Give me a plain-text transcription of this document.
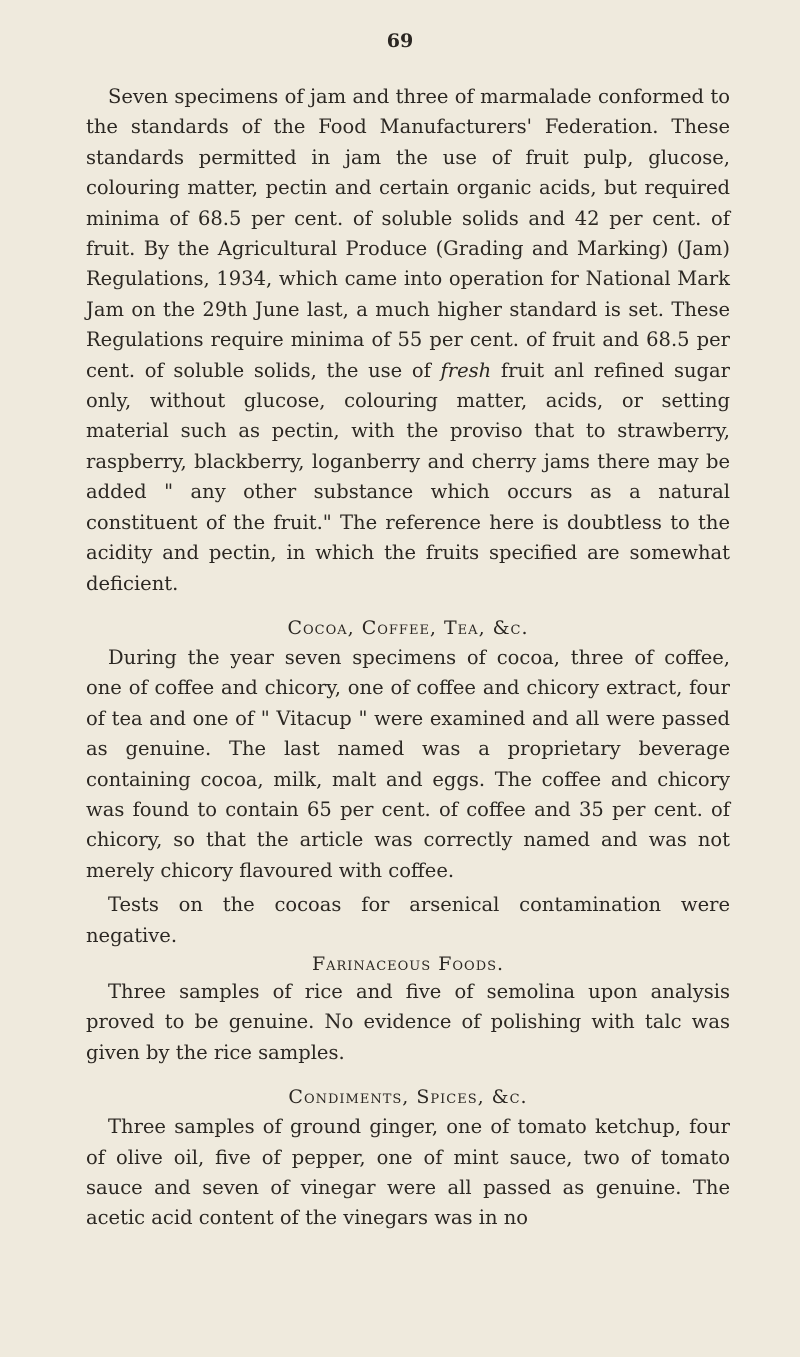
69

Seven specimens of jam and three of marmalade conformed to the standards of the Food Manufacturers' Federation. These standards permitted in jam the use of fruit pulp, glucose, colouring matter, pectin and certain organic acids, but required minima of 68.5 per cent. of soluble solids and 42 per cent. of fruit. By the Agricultural Produce (Grading and Marking) (Jam) Regulations, 1934, which came into operation for National Mark Jam on the 29th June last, a much higher standard is set. These Regulations require minima of 55 per cent. of fruit and 68.5 per cent. of soluble solids, the use of fresh fruit anl refined sugar only, without glucose, colouring matter, acids, or setting material such as pectin, with the proviso that to strawberry, raspberry, blackberry, loganberry and cherry jams there may be added " any other substance which occurs as a natural constituent of the fruit." The reference here is doubtless to the acidity and pectin, in which the fruits specified are somewhat deficient.

Cocoa, Coffee, Tea, &c.

During the year seven specimens of cocoa, three of coffee, one of coffee and chicory, one of coffee and chicory extract, four of tea and one of " Vitacup " were examined and all were passed as genuine. The last named was a proprietary beverage containing cocoa, milk, malt and eggs. The coffee and chicory was found to contain 65 per cent. of coffee and 35 per cent. of chicory, so that the article was correctly named and was not merely chicory flavoured with coffee.

Tests on the cocoas for arsenical contamination were negative.

Farinaceous Foods.

Three samples of rice and five of semolina upon analysis proved to be genuine. No evidence of polishing with talc was given by the rice samples.

Condiments, Spices, &c.

Three samples of ground ginger, one of tomato ketchup, four of olive oil, five of pepper, one of mint sauce, two of tomato sauce and seven of vinegar were all passed as genuine. The acetic acid content of the vinegars was in no
